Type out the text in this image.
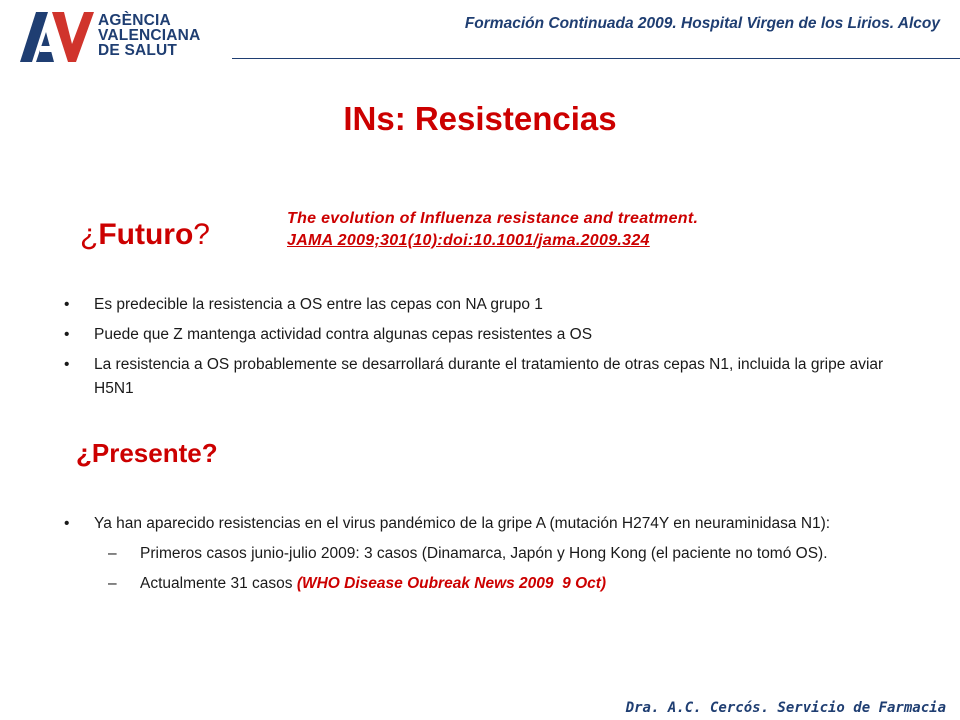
AGÈNCIA
VALENCIANA
DE SALUT
Formación Continuada 2009. Hospital Virgen de los Lirios. Alcoy
INs: Resistencias
¿Futuro?	The evolution of Influenza resistance and treatment.
JAMA 2009;301(10):doi:10.1001/jama.2009.324
• Es predecible la resistencia a OS entre las cepas con NA grupo 1
• Puede que Z mantenga actividad contra algunas cepas resistentes a OS
• La resistencia a OS probablemente se desarrollará durante el tratamiento de otras cepas N1, incluida la gripe aviar H5N1
¿Presente?
• Ya han aparecido resistencias en el virus pandémico de la gripe A (mutación H274Y en neuraminidasa N1):
– Primeros casos junio-julio 2009: 3 casos (Dinamarca, Japón y Hong Kong (el paciente no tomó OS).
– Actualmente 31 casos (WHO Disease Oubreak News 2009  9 Oct)
Dra. A.C. Cercós. Servicio de Farmacia
